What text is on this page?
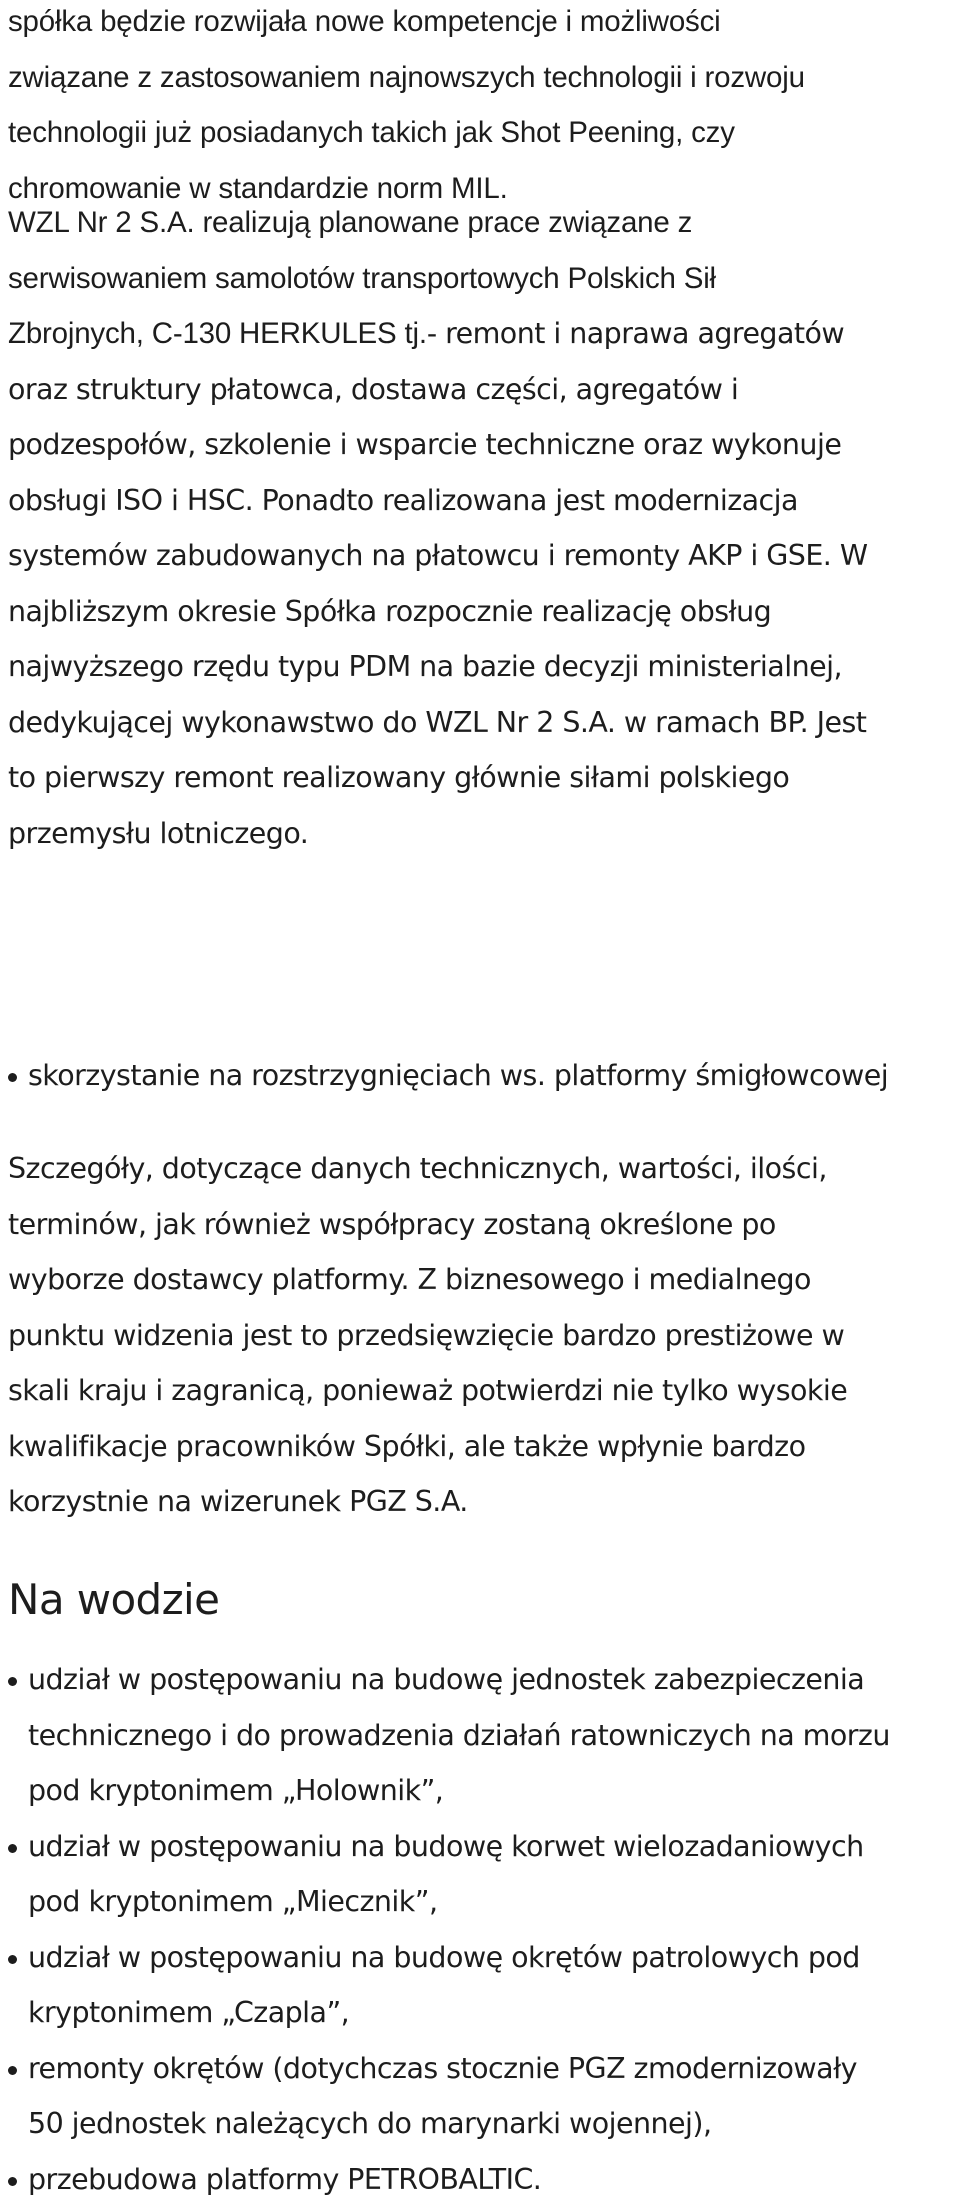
spółka będzie rozwijała nowe kompetencje i możliwości
związane z zastosowaniem najnowszych technologii i rozwoju
technologii już posiadanych takich jak Shot Peening, czy
chromowanie w standardzie norm MIL.

WZL Nr 2 S.A. realizują planowane prace związane z
serwisowaniem samolotów transportowych Polskich Sił
Zbrojnych, C-130 HERKULES tj.- remont i naprawa agregatów
oraz struktury płatowca, dostawa części, agregatów i
podzespołów, szkolenie i wsparcie techniczne oraz wykonuje
obsługi ISO i HSC. Ponadto realizowana jest modernizacja
systemów zabudowanych na płatowcu i remonty AKP i GSE. W
najbliższym okresie Spółka rozpocznie realizację obsług
najwyższego rzędu typu PDM na bazie decyzji ministerialnej,
dedykującej wykonawstwo do WZL Nr 2 S.A. w ramach BP. Jest
to pierwszy remont realizowany głównie siłami polskiego
przemysłu lotniczego.

skorzystanie na rozstrzygnięciach ws. platformy śmigłowcowej

Szczegóły, dotyczące danych technicznych, wartości, ilości,
terminów, jak również współpracy zostaną określone po
wyborze dostawcy platformy. Z biznesowego i medialnego
punktu widzenia jest to przedsięwzięcie bardzo prestiżowe w
skali kraju i zagranicą, ponieważ potwierdzi nie tylko wysokie
kwalifikacje pracowników Spółki, ale także wpłynie bardzo
korzystnie na wizerunek PGZ S.A.

Na wodzie
udział w postępowaniu na budowę jednostek zabezpieczenia
technicznego i do prowadzenia działań ratowniczych na morzu
pod kryptonimem „Holownik”,
udział w postępowaniu na budowę korwet wielozadaniowych
pod kryptonimem „Miecznik”,
udział w postępowaniu na budowę okrętów patrolowych pod
kryptonimem „Czapla”,
remonty okrętów (dotychczas stocznie PGZ zmodernizowały
50 jednostek należących do marynarki wojennej),
przebudowa platformy PETROBALTIC.
